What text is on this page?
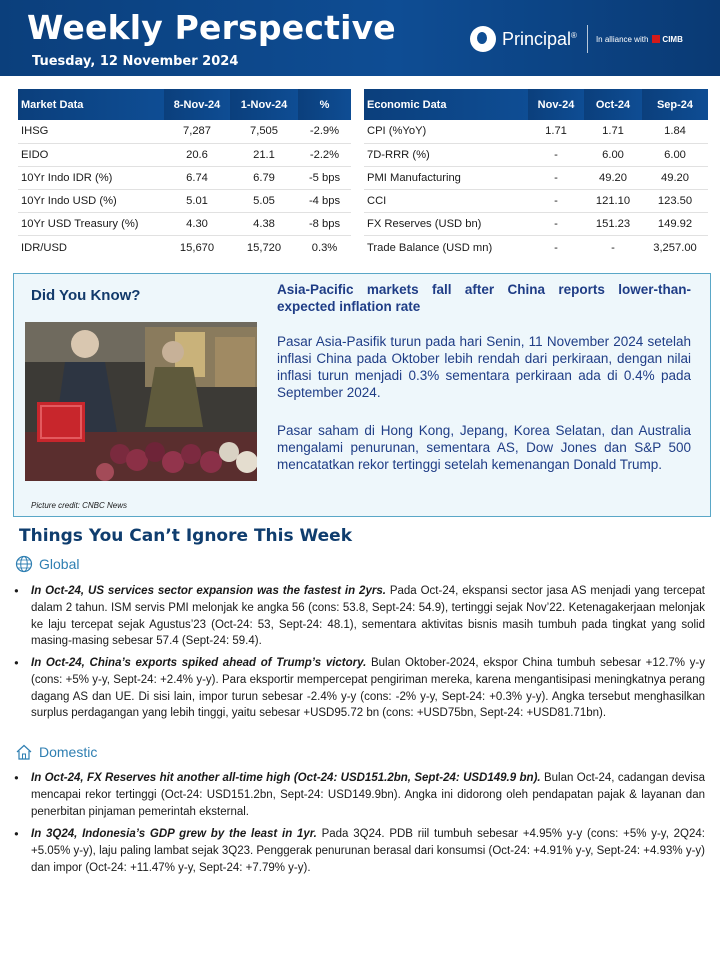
Weekly Perspective
Tuesday, 12 November 2024
Principal® In alliance with CIMB
Market Data	8-Nov-24	1-Nov-24	%
IHSG	7,287	7,505	-2.9%
EIDO	20.6	21.1	-2.2%
10Yr Indo IDR (%)	6.74	6.79	-5 bps
10Yr Indo USD (%)	5.01	5.05	-4 bps
10Yr USD Treasury (%)	4.30	4.38	-8 bps
IDR/USD	15,670	15,720	0.3%
Economic Data	Nov-24	Oct-24	Sep-24
CPI (%YoY)	1.71	1.71	1.84
7D-RRR (%)	-	6.00	6.00
PMI Manufacturing	-	49.20	49.20
CCI	-	121.10	123.50
FX Reserves (USD bn)	-	151.23	149.92
Trade Balance (USD mn)	-	-	3,257.00
Did You Know?
Picture credit: CNBC News
Asia-Pacific markets fall after China reports lower-than-expected inflation rate
Pasar Asia-Pasifik turun pada hari Senin, 11 November 2024 setelah inflasi China pada Oktober lebih rendah dari perkiraan, dengan nilai inflasi turun menjadi 0.3% sementara perkiraan ada di 0.4% pada September 2024.
Pasar saham di Hong Kong, Jepang, Korea Selatan, dan Australia mengalami penurunan, sementara AS, Dow Jones dan S&P 500 mencatatkan rekor tertinggi setelah kemenangan Donald Trump.
Things You Can’t Ignore This Week
Global
• In Oct-24, US services sector expansion was the fastest in 2yrs. Pada Oct-24, ekspansi sector jasa AS menjadi yang tercepat dalam 2 tahun. ISM servis PMI melonjak ke angka 56 (cons: 53.8, Sept-24: 54.9), tertinggi sejak Nov’22. Ketenagakerjaan melonjak ke laju tercepat sejak Agustus’23 (Oct-24: 53, Sept-24: 48.1), sementara aktivitas bisnis masih tumbuh pada tingkat yang solid masing-masing sebesar 57.4 (Sept-24: 59.4).
• In Oct-24, China’s exports spiked ahead of Trump’s victory. Bulan Oktober-2024, ekspor China tumbuh sebesar +12.7% y-y (cons: +5% y-y, Sept-24: +2.4% y-y). Para eksportir mempercepat pengiriman mereka, karena mengantisipasi meningkatnya perang dagang AS dan UE. Di sisi lain, impor turun sebesar -2.4% y-y (cons: -2% y-y, Sept-24: +0.3% y-y). Angka tersebut menghasilkan surplus perdagangan yang lebih tinggi, yaitu sebesar +USD95.72 bn (cons: +USD75bn, Sept-24: +USD81.71bn).
Domestic
• In Oct-24, FX Reserves hit another all-time high (Oct-24: USD151.2bn, Sept-24: USD149.9 bn). Bulan Oct-24, cadangan devisa mencapai rekor tertinggi (Oct-24: USD151.2bn, Sept-24: USD149.9bn). Angka ini didorong oleh pendapatan pajak & layanan dan penerbitan pinjaman pemerintah eksternal.
• In 3Q24, Indonesia’s GDP grew by the least in 1yr. Pada 3Q24. PDB riil tumbuh sebesar +4.95% y-y (cons: +5% y-y, 2Q24: +5.05% y-y), laju paling lambat sejak 3Q23. Penggerak penurunan berasal dari konsumsi (Oct-24: +4.91% y-y, Sept-24: +4.93% y-y) dan impor (Oct-24: +11.47% y-y, Sept-24: +7.79% y-y).
